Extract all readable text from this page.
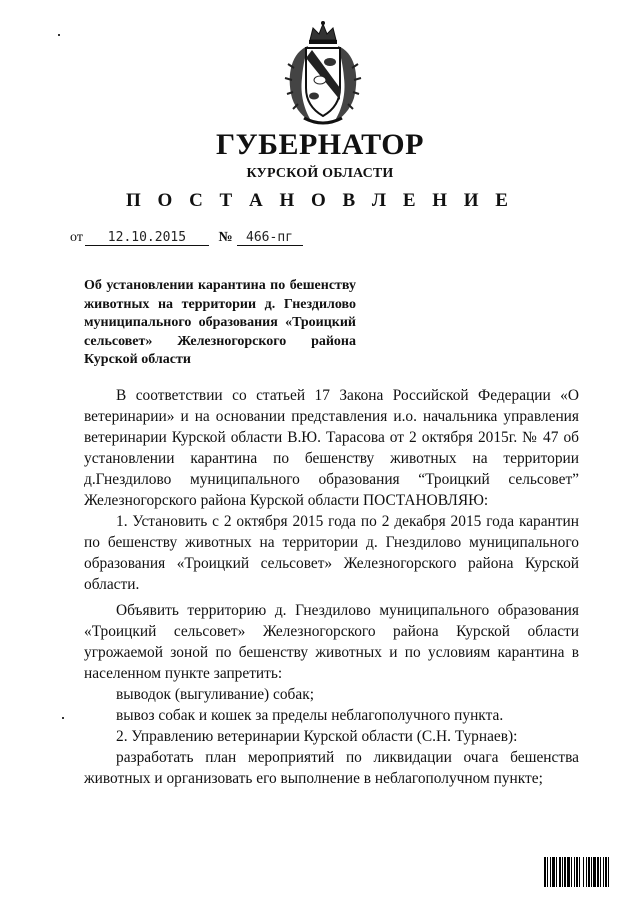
ГУБЕРНАТОР
КУРСКОЙ ОБЛАСТИ
П О С Т А Н О В Л Е Н И Е
от 12.10.2015 № 466-пг

Об установлении карантина по бешенству животных на территории д. Гнездилово муниципального образования «Троицкий сельсовет» Железногорского района Курской области

В соответствии со статьей 17 Закона Российской Федерации «О ветеринарии» и на основании представления и.о. начальника управления ветеринарии Курской области В.Ю. Тарасова от 2 октября 2015г. № 47 об установлении карантина по бешенству животных на территории д.Гнездилово муниципального образования “Троицкий сельсовет” Железногорского района Курской области ПОСТАНОВЛЯЮ:

1. Установить с 2 октября 2015 года по 2 декабря 2015 года карантин по бешенству животных на территории д. Гнездилово муниципального образования «Троицкий сельсовет» Железногорского района Курской области.

Объявить территорию д. Гнездилово муниципального образования «Троицкий сельсовет» Железногорского района Курской области угрожаемой зоной по бешенству животных и по условиям карантина в населенном пункте запретить:

выводок (выгуливание) собак;

вывоз собак и кошек за пределы неблагополучного пункта.

2. Управлению ветеринарии Курской области (С.Н. Турнаев):

разработать план мероприятий по ликвидации очага бешенства животных и организовать его выполнение в неблагополучном пункте;
